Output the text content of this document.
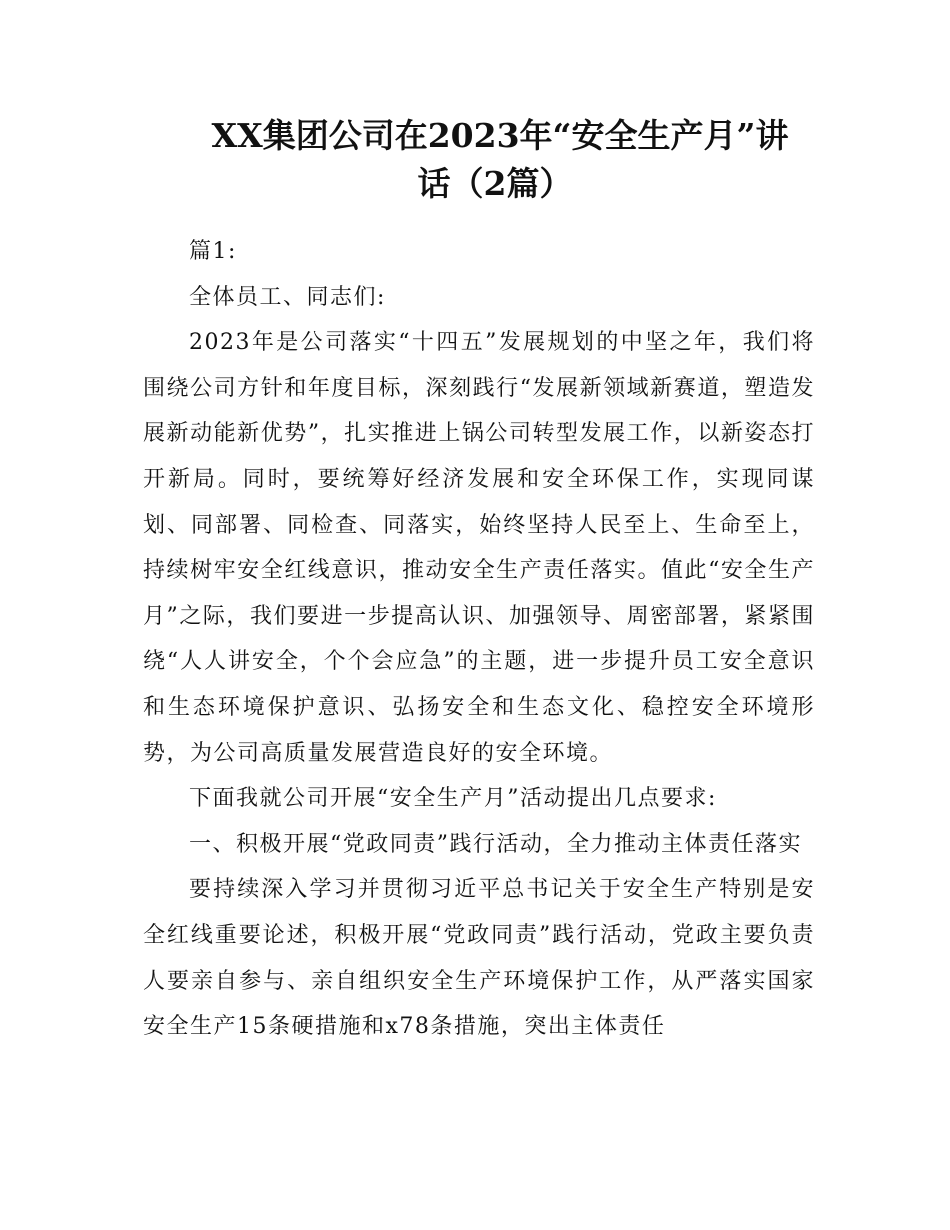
XX集团公司在2023年“安全生产月”讲
话（2篇）

篇1:

全体员工、同志们:

2023年是公司落实“十四五”发展规划的中坚之年，我们将围绕公司方针和年度目标，深刻践行“发展新领域新赛道，塑造发展新动能新优势”，扎实推进上锅公司转型发展工作，以新姿态打开新局。同时，要统筹好经济发展和安全环保工作，实现同谋划、同部署、同检查、同落实，始终坚持人民至上、生命至上，持续树牢安全红线意识，推动安全生产责任落实。值此“安全生产月”之际，我们要进一步提高认识、加强领导、周密部署，紧紧围绕“人人讲安全，个个会应急”的主题，进一步提升员工安全意识和生态环境保护意识、弘扬安全和生态文化、稳控安全环境形势，为公司高质量发展营造良好的安全环境。

下面我就公司开展“安全生产月”活动提出几点要求:

一、积极开展“党政同责”践行活动，全力推动主体责任落实

要持续深入学习并贯彻习近平总书记关于安全生产特别是安全红线重要论述，积极开展“党政同责”践行活动，党政主要负责人要亲自参与、亲自组织安全生产环境保护工作，从严落实国家安全生产15条硬措施和x78条措施，突出主体责任
